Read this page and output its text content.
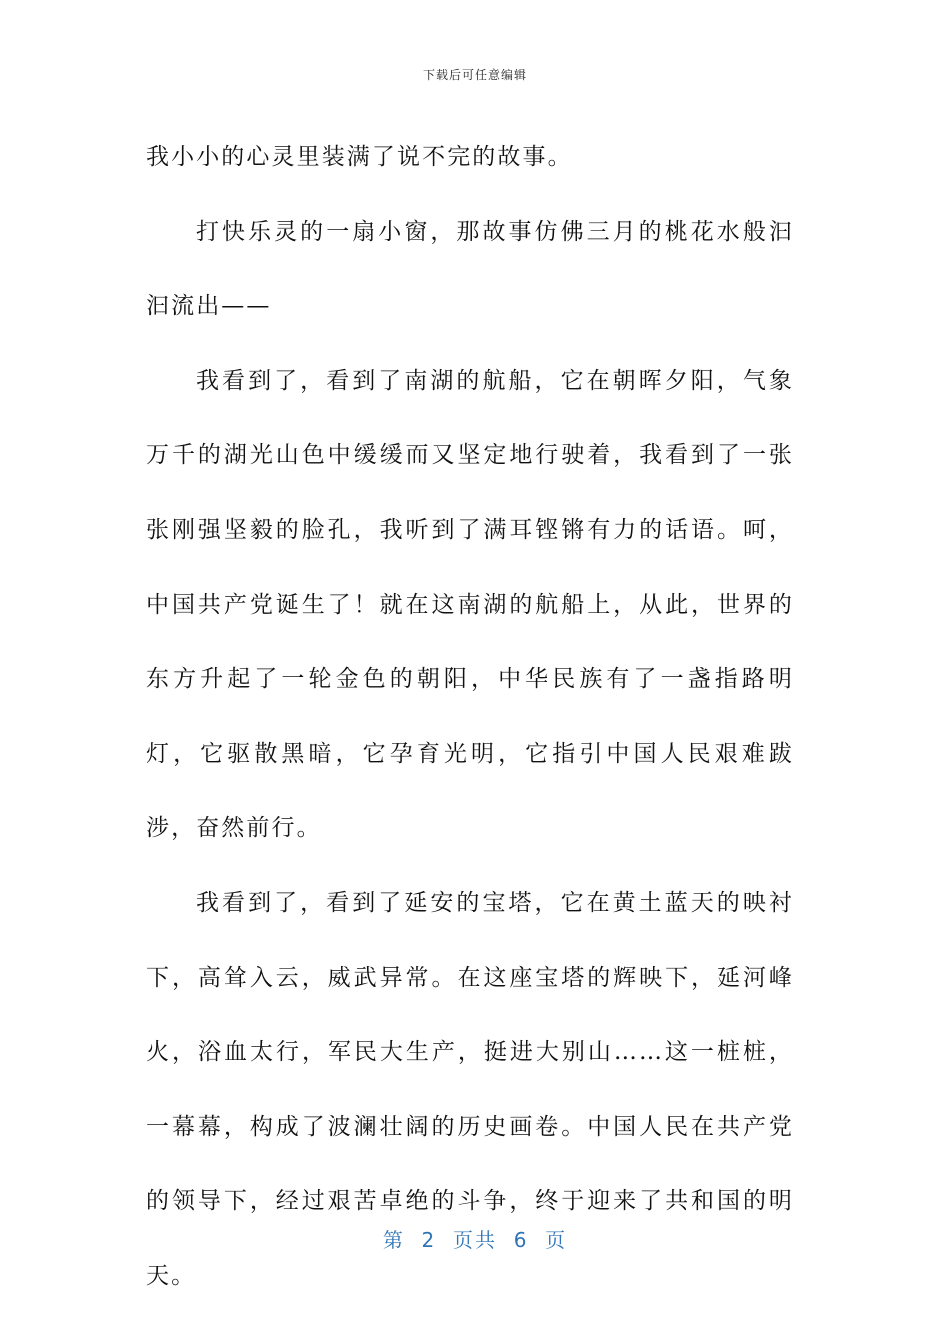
下载后可任意编辑

我小小的心灵里装满了说不完的故事。

打快乐灵的一扇小窗，那故事仿佛三月的桃花水般汩汩流出——

我看到了，看到了南湖的航船，它在朝晖夕阳，气象万千的湖光山色中缓缓而又坚定地行驶着，我看到了一张张刚强坚毅的脸孔，我听到了满耳铿锵有力的话语。呵，中国共产党诞生了！就在这南湖的航船上，从此，世界的东方升起了一轮金色的朝阳，中华民族有了一盏指路明灯，它驱散黑暗，它孕育光明，它指引中国人民艰难跋涉，奋然前行。

我看到了，看到了延安的宝塔，它在黄土蓝天的映衬下，高耸入云，威武异常。在这座宝塔的辉映下，延河峰火，浴血太行，军民大生产，挺进大别山……这一桩桩，一幕幕，构成了波澜壮阔的历史画卷。中国人民在共产党的领导下，经过艰苦卓绝的斗争，终于迎来了共和国的明天。

第  2  页共  6  页
